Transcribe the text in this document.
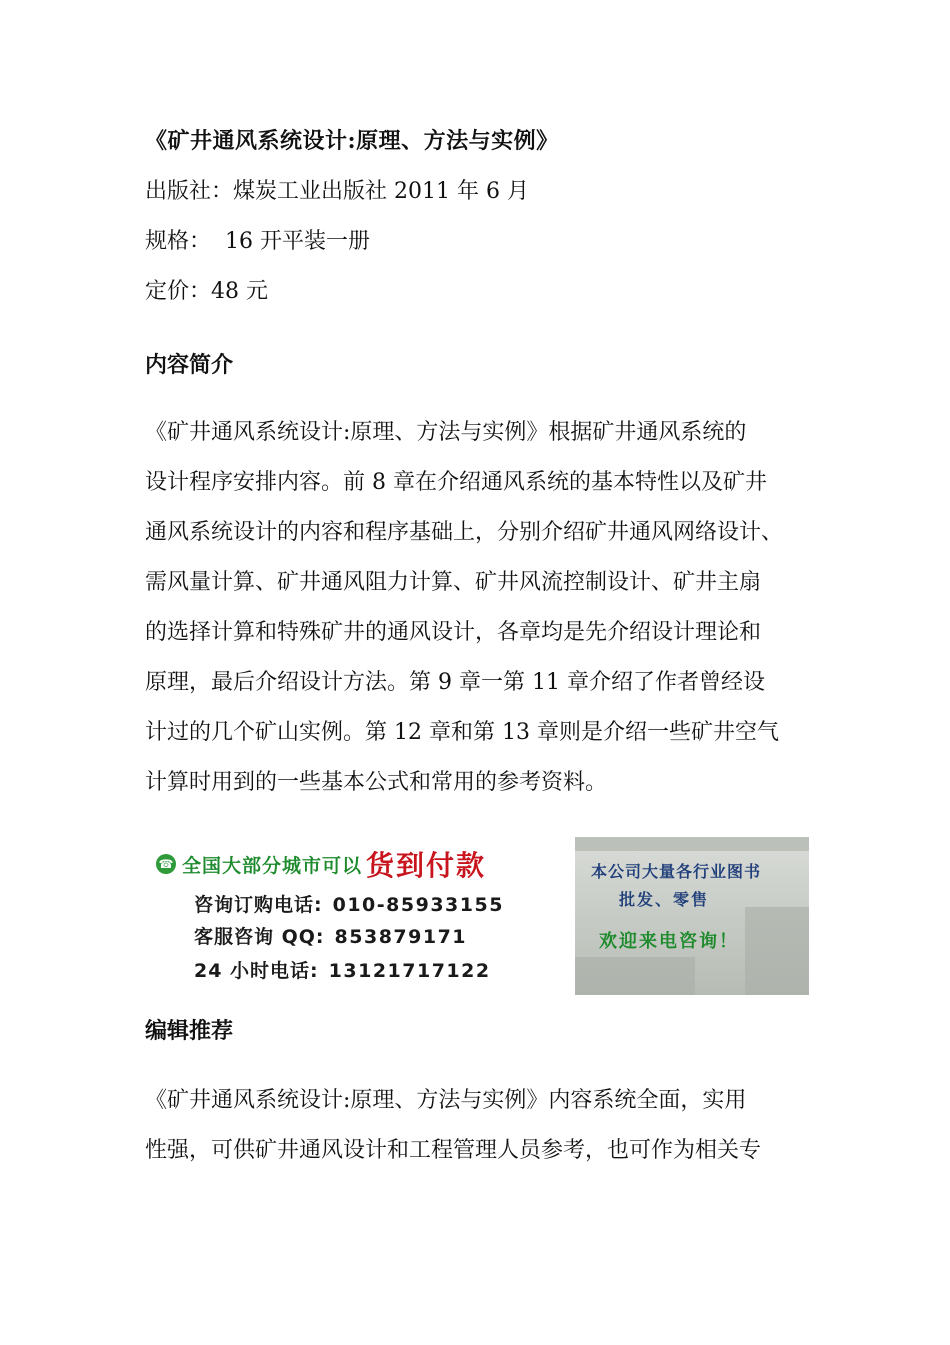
《矿井通风系统设计:原理、方法与实例》
出版社：煤炭工业出版社 2011 年 6 月
规格： 16 开平装一册
定价：48 元
内容简介
《矿井通风系统设计:原理、方法与实例》根据矿井通风系统的
设计程序安排内容。前 8 章在介绍通风系统的基本特性以及矿井
通风系统设计的内容和程序基础上，分别介绍矿井通风网络设计、
需风量计算、矿井通风阻力计算、矿井风流控制设计、矿井主扇
的选择计算和特殊矿井的通风设计，各章均是先介绍设计理论和
原理，最后介绍设计方法。第 9 章一第 11 章介绍了作者曾经设
计过的几个矿山实例。第 12 章和第 13 章则是介绍一些矿井空气
计算时用到的一些基本公式和常用的参考资料。
编辑推荐
《矿井通风系统设计:原理、方法与实例》内容系统全面，实用
性强，可供矿井通风设计和工程管理人员参考，也可作为相关专
☎ 全国大部分城市可以 货到付款
咨询订购电话: 010-85933155
客服咨询 QQ: 853879171
24 小时电话: 13121717122
本公司大量各行业图书
批发、零售
欢迎来电咨询！
